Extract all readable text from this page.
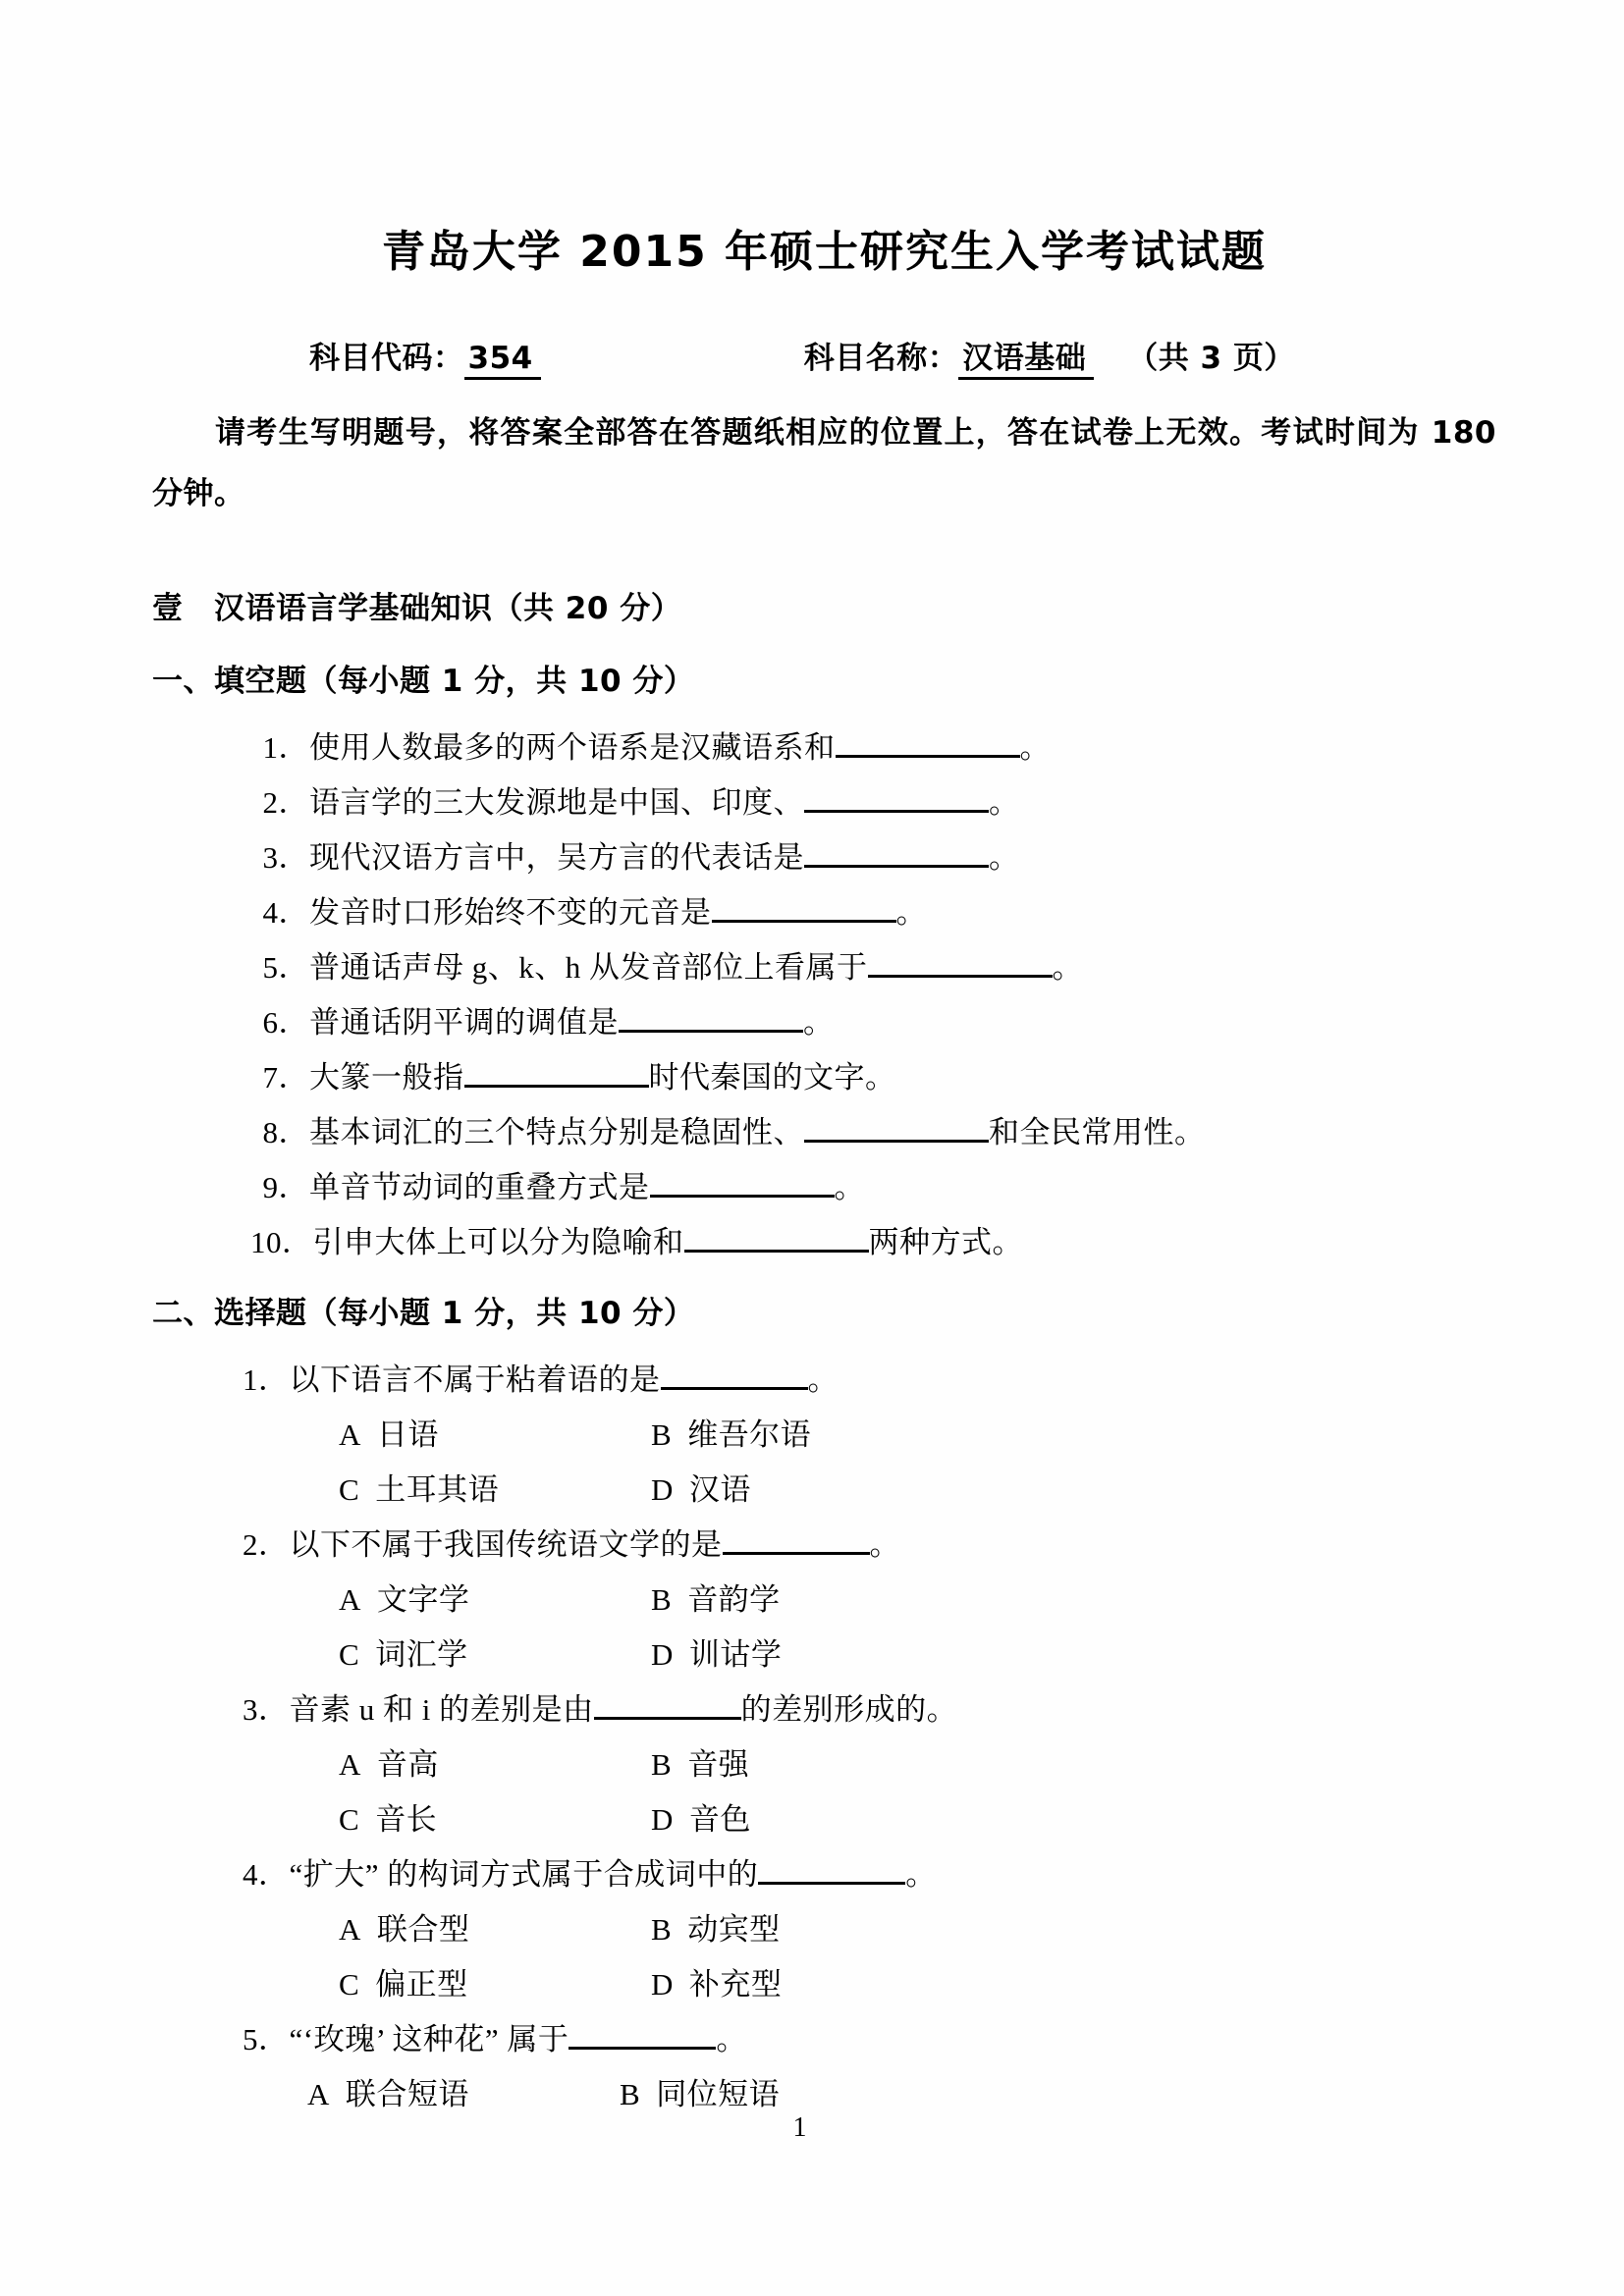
青岛大学 2015 年硕士研究生入学考试试题
科目代码： 354	科目名称： 汉语基础 （共 3 页）

请考生写明题号，将答案全部答在答题纸相应的位置上，答在试卷上无效。考试时间为 180 分钟。

壹　汉语语言学基础知识（共 20 分）
一、填空题（每小题 1 分，共 10 分）
1．使用人数最多的两个语系是汉藏语系和	。
2．语言学的三大发源地是中国、印度、	。
3．现代汉语方言中，吴方言的代表话是	。
4．发音时口形始终不变的元音是	。
5．普通话声母 g、k、h 从发音部位上看属于	。
6．普通话阴平调的调值是	。
7．大篆一般指	时代秦国的文字。
8．基本词汇的三个特点分别是稳固性、	和全民常用性。
9．单音节动词的重叠方式是	。
10．引申大体上可以分为隐喻和	两种方式。
二、选择题（每小题 1 分，共 10 分）
1．以下语言不属于粘着语的是	。
A 日语	B 维吾尔语
C 土耳其语	D 汉语
2．以下不属于我国传统语文学的是	。
A 文字学	B 音韵学
C 词汇学	D 训诂学
3．音素 u 和 i 的差别是由	的差别形成的。
A 音高	B 音强
C 音长	D 音色
4．“扩大” 的构词方式属于合成词中的	。
A 联合型	B 动宾型
C 偏正型	D 补充型
5．“‘玫瑰’ 这种花” 属于	。
A 联合短语	B 同位短语
1
